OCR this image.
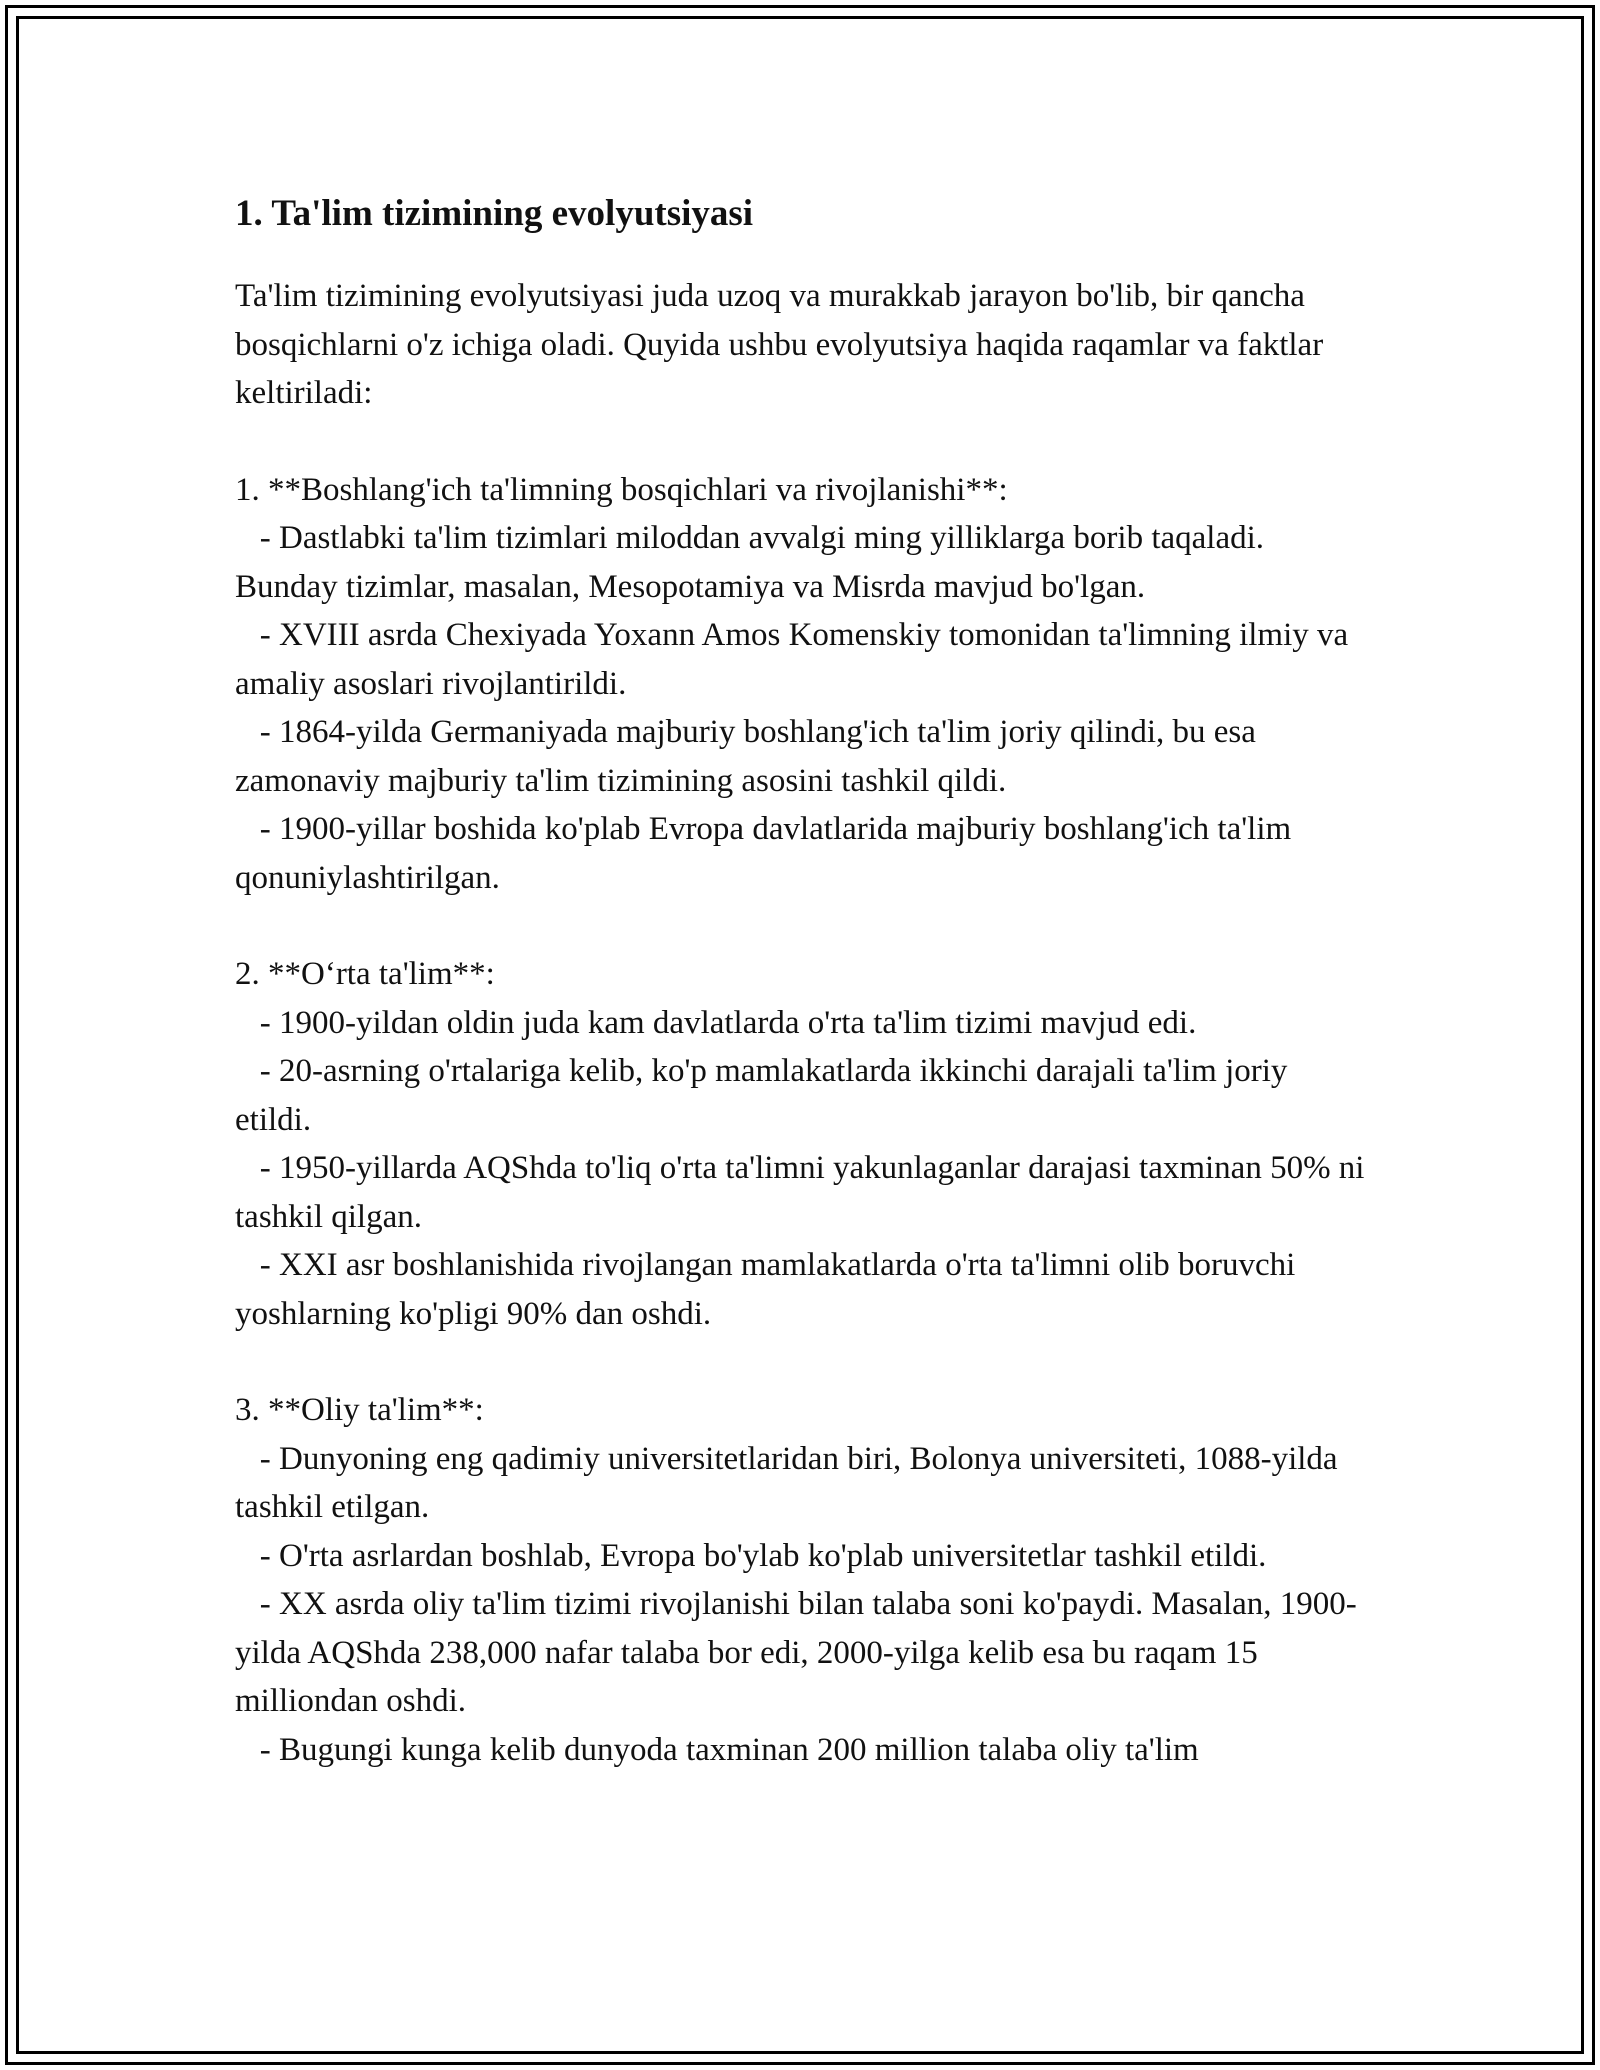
1. Ta'lim tizimining evolyutsiyasi

Ta'lim tizimining evolyutsiyasi juda uzoq va murakkab jarayon bo'lib, bir qancha bosqichlarni o'z ichiga oladi. Quyida ushbu evolyutsiya haqida raqamlar va faktlar keltiriladi:

1. **Boshlang'ich ta'limning bosqichlari va rivojlanishi**:

- Dastlabki ta'lim tizimlari miloddan avvalgi ming yilliklarga borib taqaladi. Bunday tizimlar, masalan, Mesopotamiya va Misrda mavjud bo'lgan.
- XVIII asrda Chexiyada Yoxann Amos Komenskiy tomonidan ta'limning ilmiy va amaliy asoslari rivojlantirildi.
- 1864-yilda Germaniyada majburiy boshlang'ich ta'lim joriy qilindi, bu esa zamonaviy majburiy ta'lim tizimining asosini tashkil qildi.
- 1900-yillar boshida ko'plab Evropa davlatlarida majburiy boshlang'ich ta'lim qonuniylashtirilgan.

2. **O‘rta ta'lim**:

- 1900-yildan oldin juda kam davlatlarda o'rta ta'lim tizimi mavjud edi.
- 20-asrning o'rtalariga kelib, ko'p mamlakatlarda ikkinchi darajali ta'lim joriy etildi.
- 1950-yillarda AQShda to'liq o'rta ta'limni yakunlaganlar darajasi taxminan 50% ni tashkil qilgan.
- XXI asr boshlanishida rivojlangan mamlakatlarda o'rta ta'limni olib boruvchi yoshlarning ko'pligi 90% dan oshdi.

3. **Oliy ta'lim**:

- Dunyoning eng qadimiy universitetlaridan biri, Bolonya universiteti, 1088-yilda tashkil etilgan.
- O'rta asrlardan boshlab, Evropa bo'ylab ko'plab universitetlar tashkil etildi.
- XX asrda oliy ta'lim tizimi rivojlanishi bilan talaba soni ko'paydi. Masalan, 1900-yilda AQShda 238,000 nafar talaba bor edi, 2000-yilga kelib esa bu raqam 15 milliondan oshdi.
- Bugungi kunga kelib dunyoda taxminan 200 million talaba oliy ta'lim
